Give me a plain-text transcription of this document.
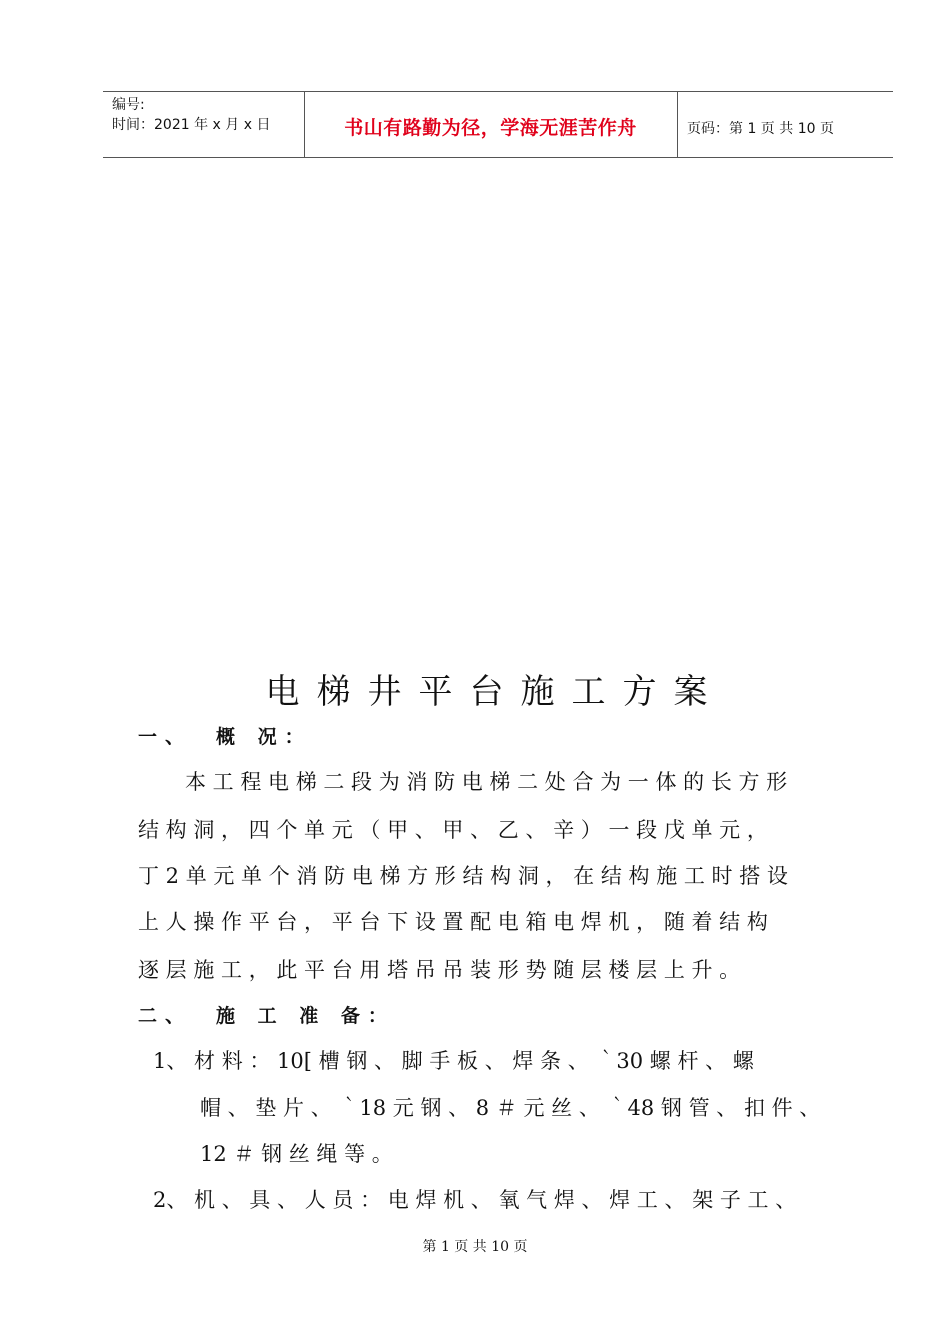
编号:
时间：2021 年 x 月 x 日	书山有路勤为径，学海无涯苦作舟	页码：第 1 页 共 10 页
电梯井平台施工方案
一、 概 况：
本 工 程 电 梯 二 段 为 消 防 电 梯 二 处 合 为 一 体 的 长 方 形
结 构 洞 ， 四 个 单 元 （ 甲 、 甲 、 乙 、 辛 ） 一 段 戊 单 元 ，
丁 2 单 元 单 个 消 防 电 梯 方 形 结 构 洞 ， 在 结 构 施 工 时 搭 设
上 人 操 作 平 台 ， 平 台 下 设 置 配 电 箱 电 焊 机 ， 随 着 结 构
逐 层 施 工 ， 此 平 台 用 塔 吊 吊 装 形 势 随 层 楼 层 上 升 。
二、 施 工 准 备：
1、 材 料 ： 10[ 槽 钢 、 脚 手 板 、 焊 条 、 ｀30 螺 杆 、 螺
帽 、 垫 片 、 ｀18 元 钢 、 8 ＃ 元 丝 、 ｀48 钢 管 、 扣 件 、
12 ＃ 钢 丝 绳 等 。
2、 机 、 具 、 人 员 ： 电 焊 机 、 氧 气 焊 、 焊 工 、 架 子 工 、
第 1 页 共 10 页
